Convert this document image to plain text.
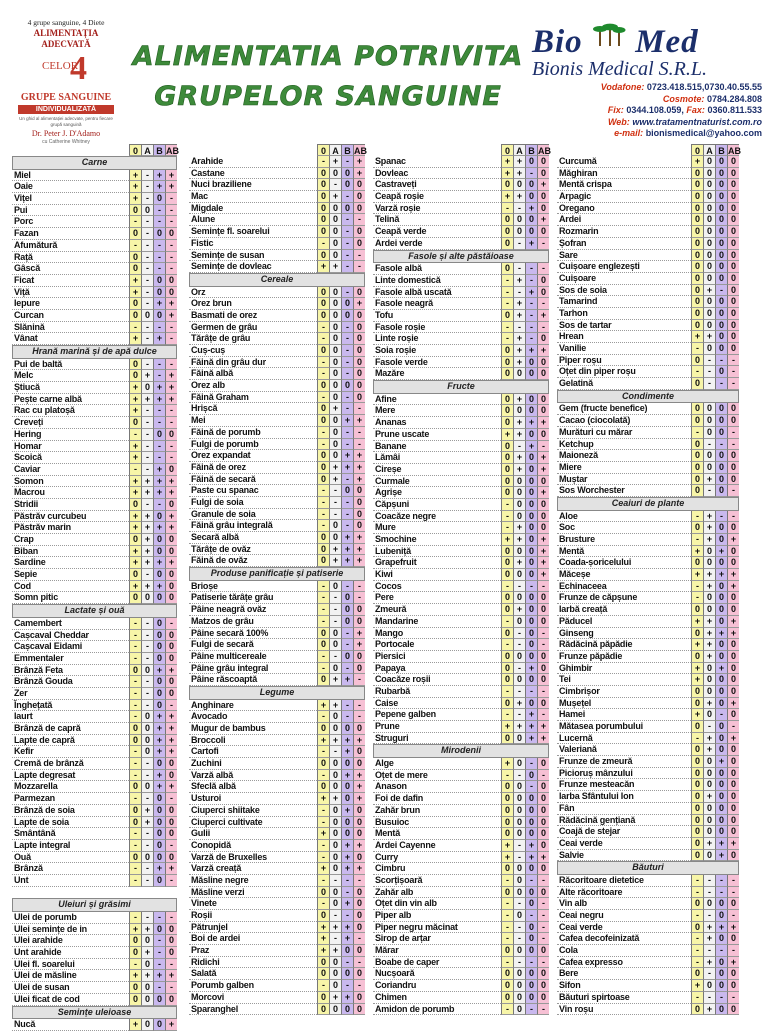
4 grupe sanguine, 4 Diete
ALIMENTAȚIA ADECVATĂ
CELOR
4
GRUPE SANGUINE
INDIVIDUALIZATĂ
Un ghid al alimentației adecvate, pentru fiecare grupă sanguină
Dr. Peter J. D'Adamo
cu Catherine Whitney
ALIMENTATIA POTRIVITA
GRUPELOR SANGUINE
Bio Med
Bionis Medical S.R.L.
Vodafone: 0723.418.515,0730.40.55.55
Cosmote: 0784.284.808
Fix: 0344.108.059, Fax: 0360.811.533
Web: www.tratamentnaturist.com.ro
e-mail: bionismedical@yahoo.com
0 A B AB
Carne
Miel	+ - + +
Oaie	+ - + +
Vițel	+ - 0 -
Pui	0 0 -	-
Porc	-	-	-	-
Fazan	0 - 0 0
Afumătură	-	-	-	-
Rață	0 -	-	-
Gâscă	0 -	-	-
Ficat	+ - 0 0
Viță	+ - 0 0
Iepure	0 - + +
Curcan	0 0 0 +
Slănină	-	-	-	-
Vânat	+ - + -
Hrană marină și de apă dulce
Pui de baltă	0 -	-	-
Melc	0 + - +
Știucă	+ 0 + +
Pește carne albă	+ + + +
Rac cu platoșă	+ -	-	-
Creveți	0 -	-	-
Hering	-	- 0 0
Homar	+ -	-	-
Scoică	+ -	-	-
Caviar	-	- + 0
Somon	+ + + +
Macrou	+ + + +
Stridii	0 -	- 0
Păstrăv curcubeu	+ + 0 +
Păstrăv marin	+ + + +
Crap	0 + 0 0
Biban	+ + 0 0
Sardine	+ + + +
Sepie	0 - 0 0
Cod	+ + + 0
Somn pitic	0 0 0 0
Lactate și ouă
Camembert	-	- 0 -
Cașcaval Cheddar	-	- 0 0
Cașcaval Eidami	-	- 0 0
Emmentaler	-	- 0 0
Brânză Feta	0 0 + +
Brânză Gouda	-	- 0 0
Zer	-	- 0 0
Înghețată	-	- 0 -
Iaurt	- 0 + +
Brânză de capră	0 0 + +
Lapte de capră	0 0 + +
Kefir	- 0 + +
Cremă de brânză	-	- 0 0
Lapte degresat	-	- + 0
Mozzarella	0 0 + +
Parmezan	-	- 0 -
Brânză de soia	0 + 0 0
Lapte de soia	0 + 0 0
Smântână	-	- 0 0
Lapte integral	-	- 0 -
Ouă	0 0 0 0
Brânză	-	- + +
Unt	-	- 0 -
Uleiuri și grăsimi
Ulei de porumb	-	-	-	-
Ulei semințe de in	+ + 0 0
Ulei arahide	0 0 - 0
Unt arahide	0 + - 0
Ulei fl. soarelui	- 0 -	-
Ulei de măsline	+ + + +
Ulei de susan	0 0 -	-
Ulei ficat de cod	0 0 0 0
Semințe uleioase
Nucă	+ 0 0 +
0 A B AB
Arahide	- + - +
Castane	0 0 0 +
Nuci braziliene	0 - 0 0
Mac	0 + - 0
Migdale	0 0 0 0
Alune	0 0 -	-
Semințe fl. soarelui	0 0 - 0
Fistic	- 0 - 0
Semințe de susan	0 0 -	-
Semințe de dovleac	+ + -	-
Cereale
Orz	0 0 - 0
Orez brun	0 0 0 +
Basmati de orez	0 0 0 0
Germen de grâu	- 0 - 0
Tărâțe de grâu	- 0 - 0
Cuș-cuș	0 0 - 0
Făină din grâu dur	- 0 - 0
Făină albă	- 0 - 0
Orez alb	0 0 0 0
Făină Graham	- 0 - 0
Hrișcă	0 + -	-
Mei	0 0 + +
Făină de porumb	- 0 -	-
Fulgi de porumb	- 0 -	-
Orez expandat	0 0 + +
Făină de orez	0 + + +
Făină de secară	0 + - +
Paste cu spanac	-	- 0 0
Fulgi de soia	-	-	- 0
Granule de soia	-	-	- 0
Făină grâu integrală	- 0 - 0
Secară albă	0 0 + +
Tărâțe de ovăz	0 + + +
Făină de ovăz	0 + + +
Produse panificație și patiserie
Brioșe	- 0 -	-
Patiserie tărâțe grâu	-	- 0 -
Pâine neagră ovăz	-	- 0 0
Matzos de grâu	-	- 0 0
Pâine secară 100%	0 0 - +
Fulgi de secară	0 0 - +
Pâine multicereale	-	- 0 0
Pâine grâu integral	- 0 - 0
Pâine răscoaptă	0 + + -
Legume
Anghinare	+ + -	-
Avocado	- 0 -	-
Mugur de bambus	0 0 0 0
Broccoli	+ + + +
Cartofi	-	- + 0
Zuchini	0 0 0 0
Varză albă	- 0 + +
Sfeclă albă	0 0 0 +
Usturoi	+ + 0 +
Ciuperci shiitake	- 0 + 0
Ciuperci cultivate	- 0 0 0
Gulii	+ 0 0 0
Conopidă	- 0 + +
Varză de Bruxelles	- 0 + 0
Varză creață	+ 0 + +
Măsline negre	-	-	-	-
Măsline verzi	0 0 - 0
Vinete	- 0 + 0
Roșii	0 -	- 0
Pătrunjel	+ + + 0
Boi de ardei	+ - + -
Praz	+ + 0 0
Ridichi	0 0 -	-
Salată	0 0 0 0
Porumb galben	- 0 -	-
Morcovi	0 + + 0
Sparanghel	0 0 0 0
0 A B AB
Spanac	+ + 0 0
Dovleac	+ + - 0
Castraveți	0 0 0 +
Ceapă roșie	+ + 0 0
Varză roșie	-	- + 0
Telină	0 0 0 +
Ceapă verde	0 0 0 0
Ardei verde	0 - + -
Fasole și alte păstăioase
Fasole albă	0 -	-	-
Linte domestică	- + - 0
Fasole albă uscată	-	- + 0
Fasole neagră	- + -	-
Tofu	0 + - +
Fasole roșie	-	-	-	-
Linte roșie	- + - 0
Soia roșie	0 + + +
Fasole verde	0 + 0 0
Mazăre	0 0 0 0
Fructe
Afine	0 + 0 0
Mere	0 0 0 0
Ananas	0 + + +
Prune uscate	+ + 0 0
Banane	0 - + -
Lămâi	0 + 0 +
Cireșe	0 + 0 +
Curmale	0 0 0 0
Agrișe	0 0 0 +
Căpșuni	- 0 0 0
Coacăze negre	- 0 0 0
Mure	- + 0 0
Smochine	+ + 0 +
Lubeniță	0 0 0 +
Grapefruit	0 + 0 +
Kiwi	0 0 0 +
Cocos	-	-	-	-
Pere	0 0 0 0
Zmeură	0 + 0 0
Mandarine	- 0 0 0
Mango	0 - 0 -
Portocale	-	- 0 -
Piersici	0 0 0 0
Papaya	0 - + 0
Coacăze roșii	0 0 0 0
Rubarbă	-	-	-	-
Caise	0 + 0 0
Pepene galben	-	- + -
Prune	+ + + +
Struguri	0 0 + +
Mirodenii
Alge	+ 0 - 0
Oțet de mere	-	- 0 -
Anason	0 0 - 0
Foi de dafin	0 0 0 0
Zahăr brun	0 0 0 0
Busuioc	0 0 0 0
Mentă	0 0 0 0
Ardei Cayenne	+ - + 0
Curry	+ - + +
Cimbru	0 0 0 0
Scorțișoară	- 0 -	-
Zahăr alb	0 0 0 0
Oțet din vin alb	-	- 0 -
Piper alb	- 0 -	-
Piper negru măcinat	-	- 0 -
Sirop de arțar	-	- 0 -
Mărar	0 0 0 0
Boabe de caper	-	-	-	-
Nucșoară	0 0 0 0
Coriandru	0 0 0 0
Chimen	0 0 0 0
Amidon de porumb	- 0 -	-
0 A B AB
Curcumă	+ 0 0 0
Măghiran	0 0 0 0
Mentă crispa	0 0 0 0
Arpagic	0 0 0 0
Oregano	0 0 0 0
Ardei	0 0 0 0
Rozmarin	0 0 0 0
Șofran	0 0 0 0
Sare	0 0 0 0
Cuișoare englezești	0 0 0 0
Cuișoare	0 0 0 0
Sos de soia	0 + - 0
Tamarind	0 0 0 0
Tarhon	0 0 0 0
Sos de tartar	0 0 0 0
Hrean	+ + 0 0
Vanilie	- 0 0 0
Piper roșu	0 -	-	-
Oțet din piper roșu	-	- 0 -
Gelatină	0 -	-	-
Condimente
Gem (fructe benefice)	0 0 0 0
Cacao (ciocolată)	0 0 0 0
Murături cu mărar	- 0 0 -
Ketchup	0 -	-	-
Maioneză	0 0 0 0
Miere	0 0 0 0
Muștar	0 + 0 0
Sos Worchester	0 - 0 -
Ceaiuri de plante
Aloe	- + -	-
Soc	0 + 0 0
Brusture	- + 0 +
Mentă	+ 0 + 0
Coada-șoricelului	0 0 0 0
Măceșe	+ + + +
Echinaceea	- + 0 +
Frunze de căpșune	- 0 0 0
Iarbă creață	0 0 0 0
Păducel	+ + 0 +
Ginseng	0 + + +
Rădăcină păpădie	+ + 0 0
Frunze păpădie	0 + 0 0
Ghimbir	+ 0 + 0
Tei	+ 0 0 0
Cimbrișor	0 0 0 0
Mușețel	0 + 0 +
Hamei	+ 0 - 0
Mătasea porumbului	0 - 0 -
Lucernă	- + 0 +
Valeriană	0 + 0 0
Frunze de zmeură	0 0 + 0
Picioruș mânzului	0 0 0 0
Frunze mesteacăn	0 0 0 0
Iarba Sfântului Ion	0 + 0 0
Fân	0 0 0 0
Rădăcină gențiană	0 0 0 0
Coajă de stejar	0 0 0 0
Ceai verde	0 + + +
Salvie	0 0 + 0
Băuturi
Răcoritoare dietetice	-	-	-	-
Alte răcoritoare	-	-	-	-
Vin alb	0 0 0 0
Ceai negru	-	- 0 -
Ceai verde	0 + + +
Cafea decofeinizată	- + 0 0
Cola	-	-	-	-
Cafea expresso	- + 0 +
Bere	0 - 0 0
Sifon	+ 0 0 0
Băuturi spirtoase	-	-	-	-
Vin roșu	0 + 0 0
